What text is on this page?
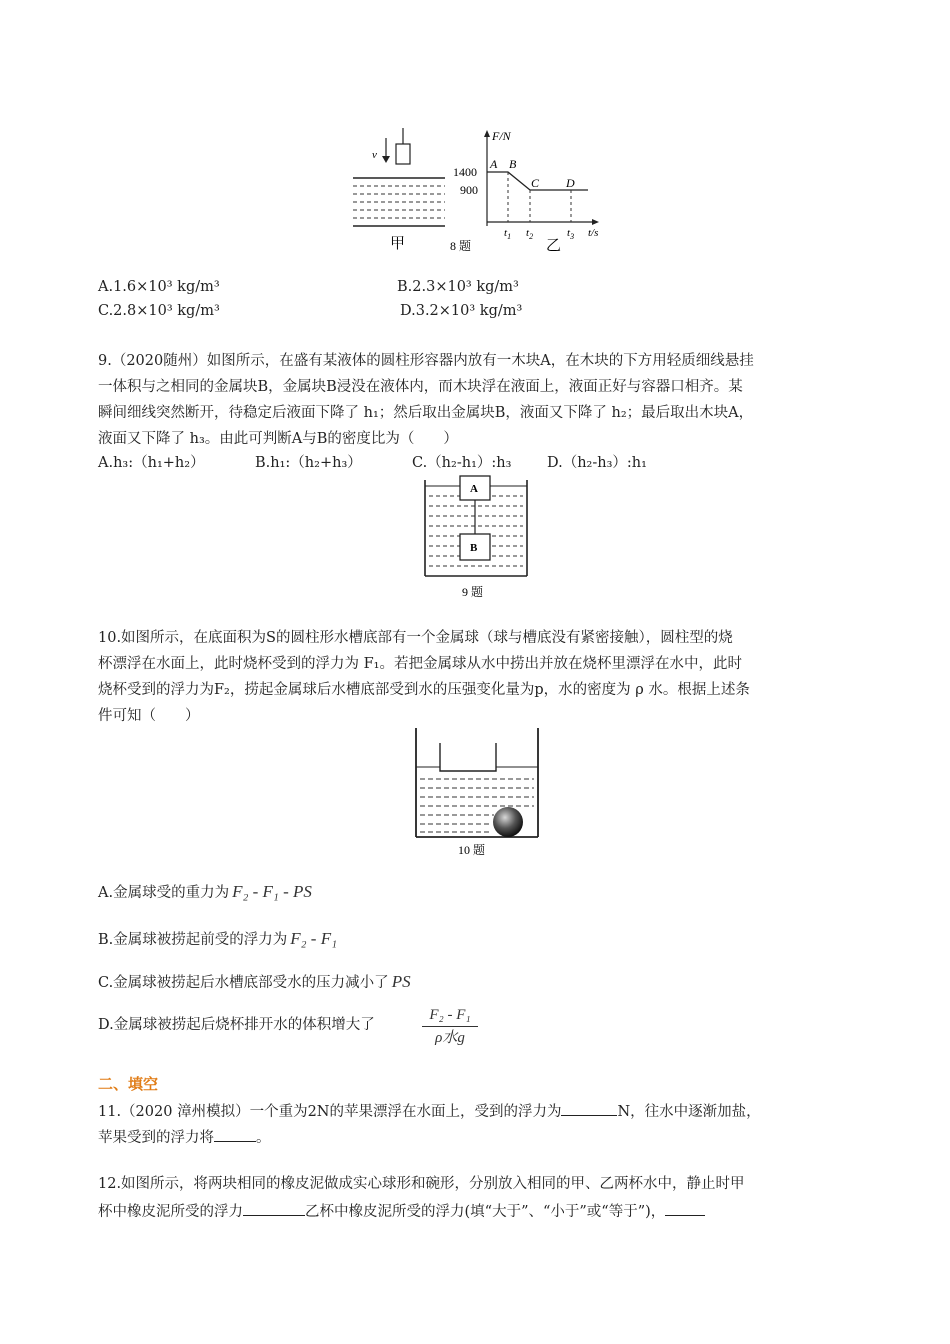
v
甲	8 题
F/N
t/s
1400
900
A B
C D
$t_1$ $t_2$	$t_3$
乙
A.1.6×10³ kg/m³	B.2.3×10³ kg/m³
C.2.8×10³ kg/m³	D.3.2×10³ kg/m³
9.（2020随州）如图所示，在盛有某液体的圆柱形容器内放有一木块A，在木块的下方用轻质细线悬挂
一体积与之相同的金属块B，金属块B浸没在液体内，而木块浮在液面上，液面正好与容器口相齐。某
瞬间细线突然断开，待稳定后液面下降了 h₁；然后取出金属块B，液面又下降了 h₂；最后取出木块A，
液面又下降了 h₃。由此可判断A与B的密度比为（　　）
A.h₃:（h₁+h₂）	B.h₁:（h₂+h₃）	C.（h₂-h₁）:h₃ D.（h₂-h₃）:h₁
A
B
9 题
10.如图所示，在底面积为S的圆柱形水槽底部有一个金属球（球与槽底没有紧密接触），圆柱型的烧
杯漂浮在水面上，此时烧杯受到的浮力为 F₁。若把金属球从水中捞出并放在烧杯里漂浮在水中，此时
烧杯受到的浮力为F₂，捞起金属球后水槽底部受到水的压强变化量为p，水的密度为 ρ 水。根据上述条
件可知（　　）
10 题
A.金属球受的重力为 F₂ - F₁ - PS
B.金属球被捞起前受的浮力为 F₂ - F₁
C.金属球被捞起后水槽底部受水的压力减小了 PS
D.金属球被捞起后烧杯排开水的体积增大了
F₂ - F₁
ρ水g
二、填空
11.（2020 漳州模拟）一个重为2N的苹果漂浮在水面上，受到的浮力为	N，往水中逐渐加盐，
苹果受到的浮力将	。
12.如图所示，将两块相同的橡皮泥做成实心球形和碗形，分别放入相同的甲、乙两杯水中，静止时甲
杯中橡皮泥所受的浮力	乙杯中橡皮泥所受的浮力(填“大于”、“小于”或“等于”)，
